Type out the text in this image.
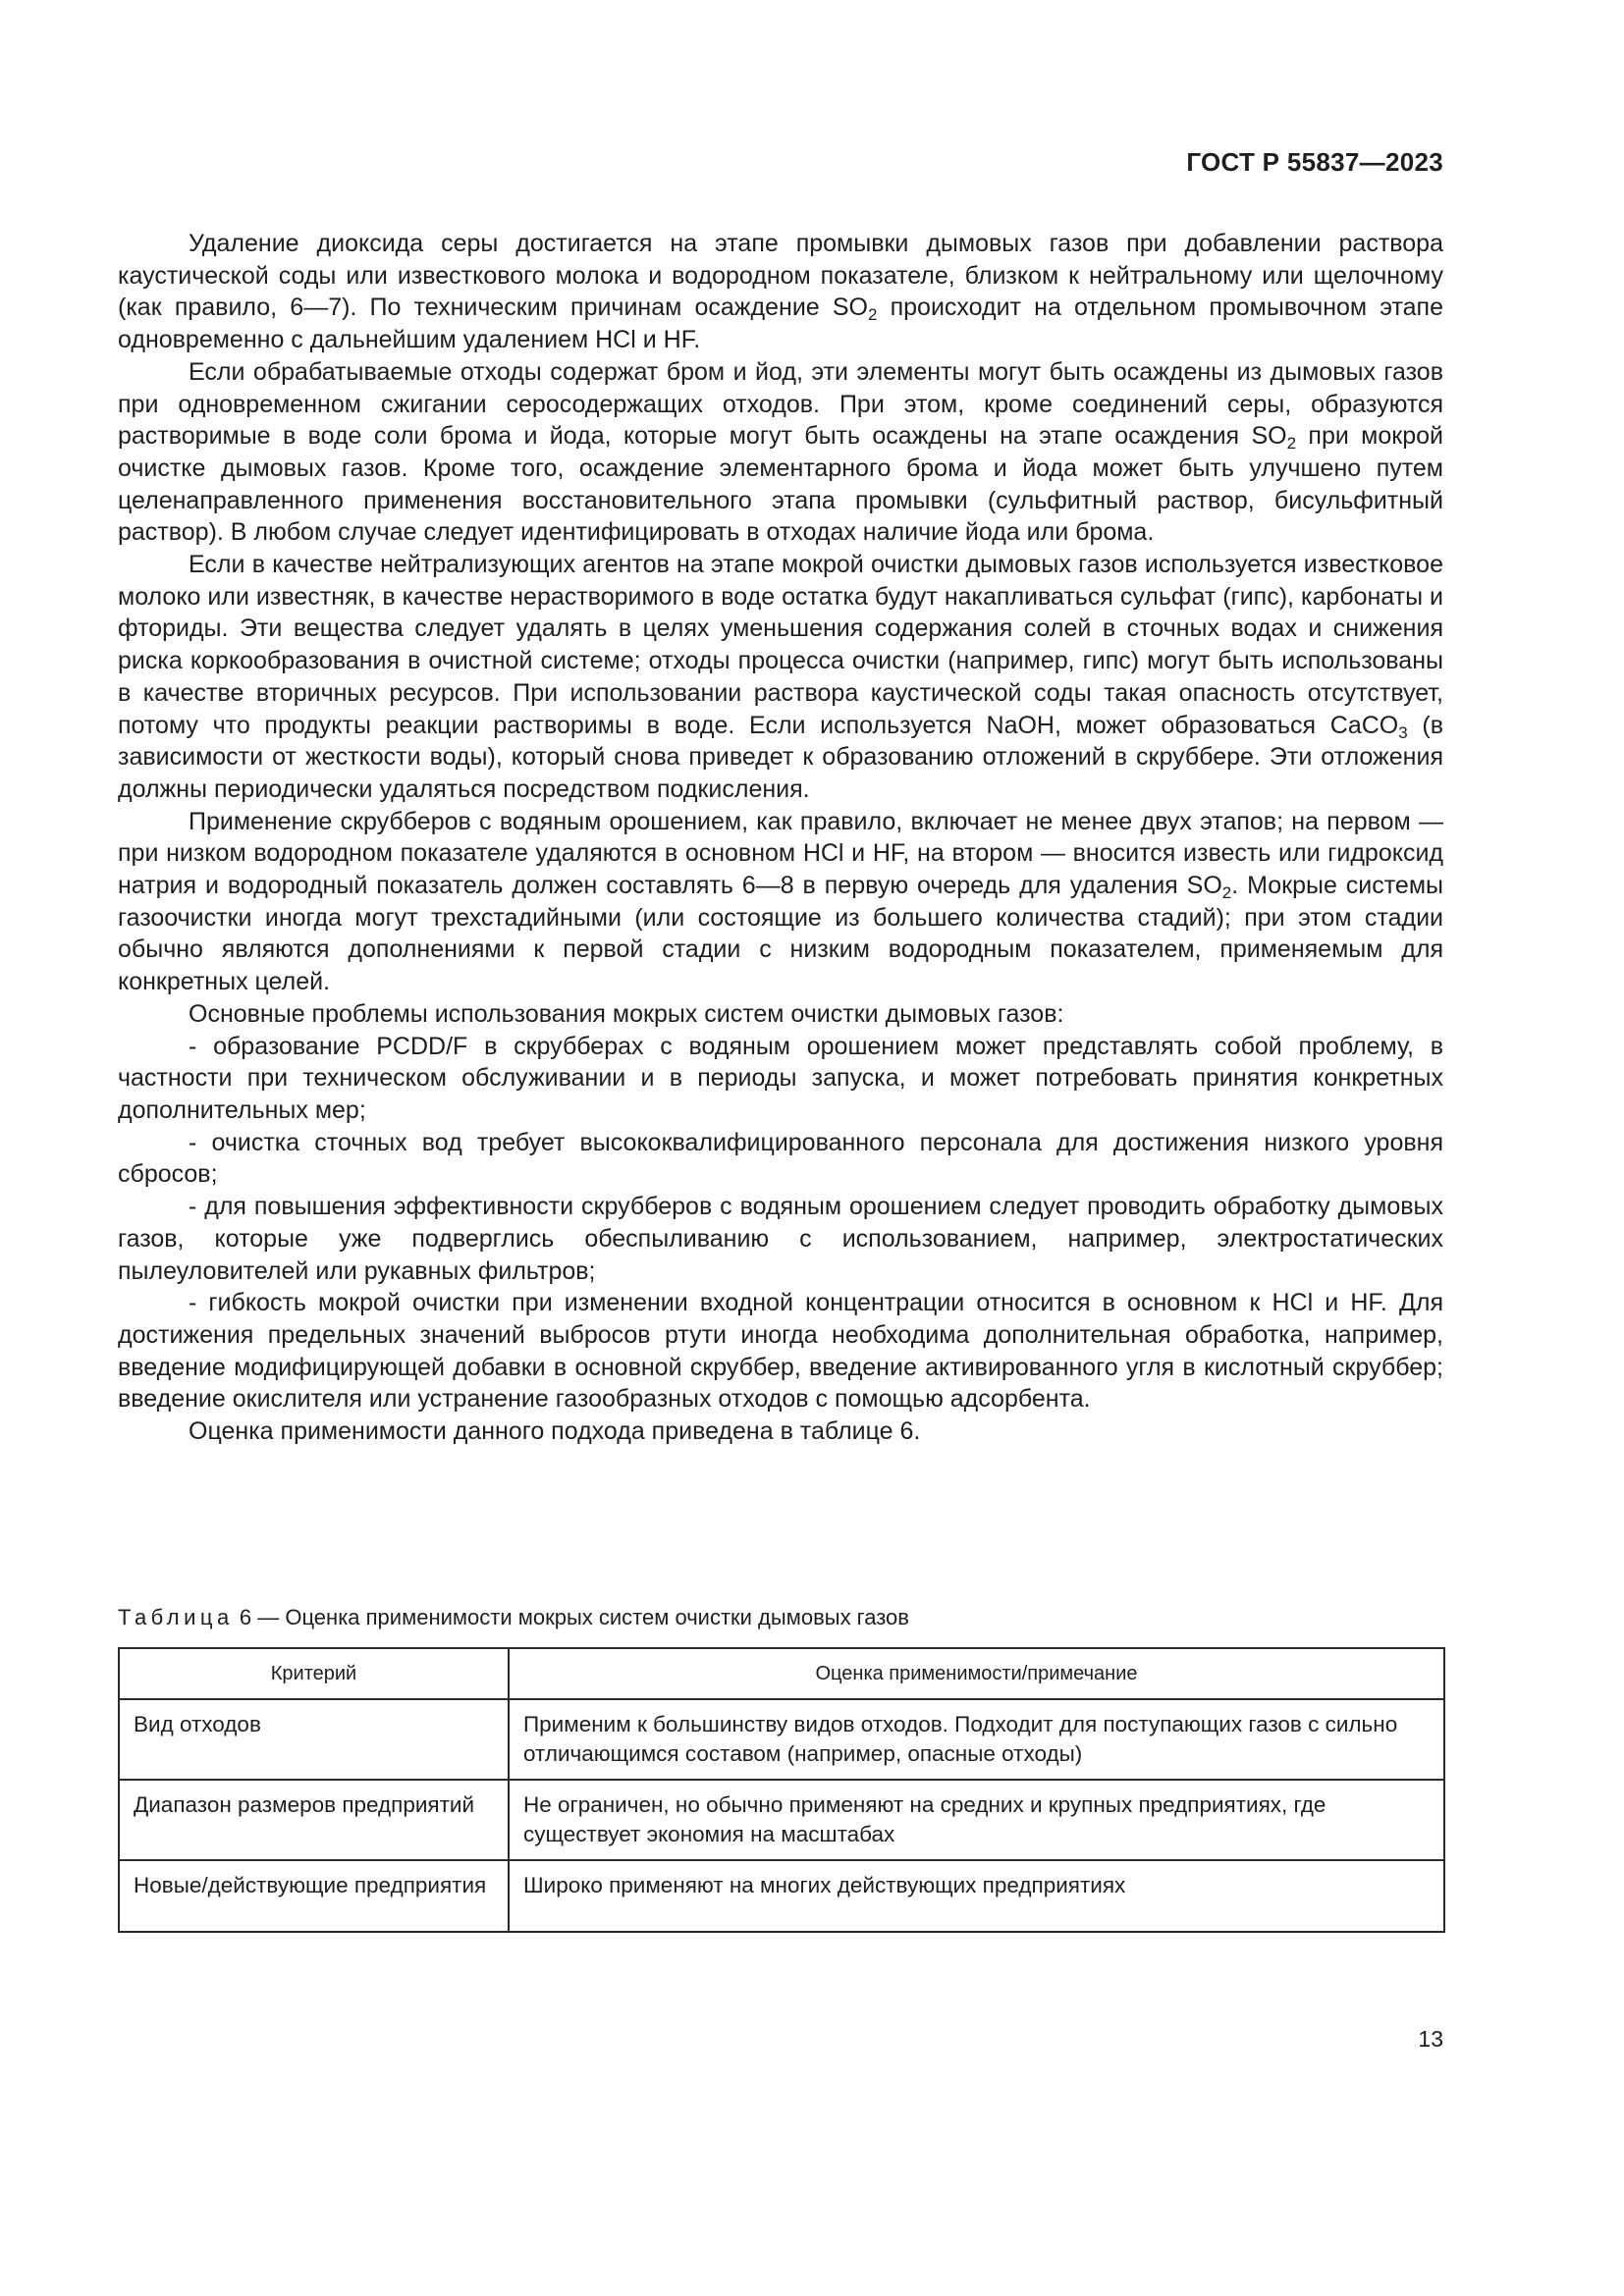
ГОСТ Р 55837—2023

Удаление диоксида серы достигается на этапе промывки дымовых газов при добавлении раствора каустической соды или известкового молока и водородном показателе, близком к нейтральному или щелочному (как правило, 6—7). По техническим причинам осаждение $SO_2$ происходит на отдельном промывочном этапе одновременно с дальнейшим удалением HCl и HF.

Если обрабатываемые отходы содержат бром и йод, эти элементы могут быть осаждены из дымовых газов при одновременном сжигании серосодержащих отходов. При этом, кроме соединений серы, образуются растворимые в воде соли брома и йода, которые могут быть осаждены на этапе осаждения $SO_2$ при мокрой очистке дымовых газов. Кроме того, осаждение элементарного брома и йода может быть улучшено путем целенаправленного применения восстановительного этапа промывки (сульфитный раствор, бисульфитный раствор). В любом случае следует идентифицировать в отходах наличие йода или брома.

Если в качестве нейтрализующих агентов на этапе мокрой очистки дымовых газов используется известковое молоко или известняк, в качестве нерастворимого в воде остатка будут накапливаться сульфат (гипс), карбонаты и фториды. Эти вещества следует удалять в целях уменьшения содержания солей в сточных водах и снижения риска коркообразования в очистной системе; отходы процесса очистки (например, гипс) могут быть использованы в качестве вторичных ресурсов. При использовании раствора каустической соды такая опасность отсутствует, потому что продукты реакции растворимы в воде. Если используется NaOH, может образоваться CaCO$_3$ (в зависимости от жесткости воды), который снова приведет к образованию отложений в скруббере. Эти отложения должны периодически удаляться посредством подкисления.

Применение скрубберов с водяным орошением, как правило, включает не менее двух этапов; на первом — при низком водородном показателе удаляются в основном HCl и HF, на втором — вносится известь или гидроксид натрия и водородный показатель должен составлять 6—8 в первую очередь для удаления $SO_2$. Мокрые системы газоочистки иногда могут трехстадийными (или состоящие из большего количества стадий); при этом стадии обычно являются дополнениями к первой стадии с низким водородным показателем, применяемым для конкретных целей.

Основные проблемы использования мокрых систем очистки дымовых газов:

- образование PCDD/F в скрубберах с водяным орошением может представлять собой проблему, в частности при техническом обслуживании и в периоды запуска, и может потребовать принятия конкретных дополнительных мер;

- очистка сточных вод требует высококвалифицированного персонала для достижения низкого уровня сбросов;

- для повышения эффективности скрубберов с водяным орошением следует проводить обработку дымовых газов, которые уже подверглись обеспыливанию с использованием, например, электростатических пылеуловителей или рукавных фильтров;

- гибкость мокрой очистки при изменении входной концентрации относится в основном к HCl и HF. Для достижения предельных значений выбросов ртути иногда необходима дополнительная обработка, например, введение модифицирующей добавки в основной скруббер, введение активированного угля в кислотный скруббер; введение окислителя или устранение газообразных отходов с помощью адсорбента.

Оценка применимости данного подхода приведена в таблице 6.

Таблица 6 — Оценка применимости мокрых систем очистки дымовых газов
Критерий	Оценка применимости/примечание
Вид отходов	Применим к большинству видов отходов. Подходит для поступающих газов с сильно отличающимся составом (например, опасные отходы)
Диапазон размеров предприятий	Не ограничен, но обычно применяют на средних и крупных предприятиях, где существует экономия на масштабах
Новые/действующие предприятия	Широко применяют на многих действующих предприятиях
13
